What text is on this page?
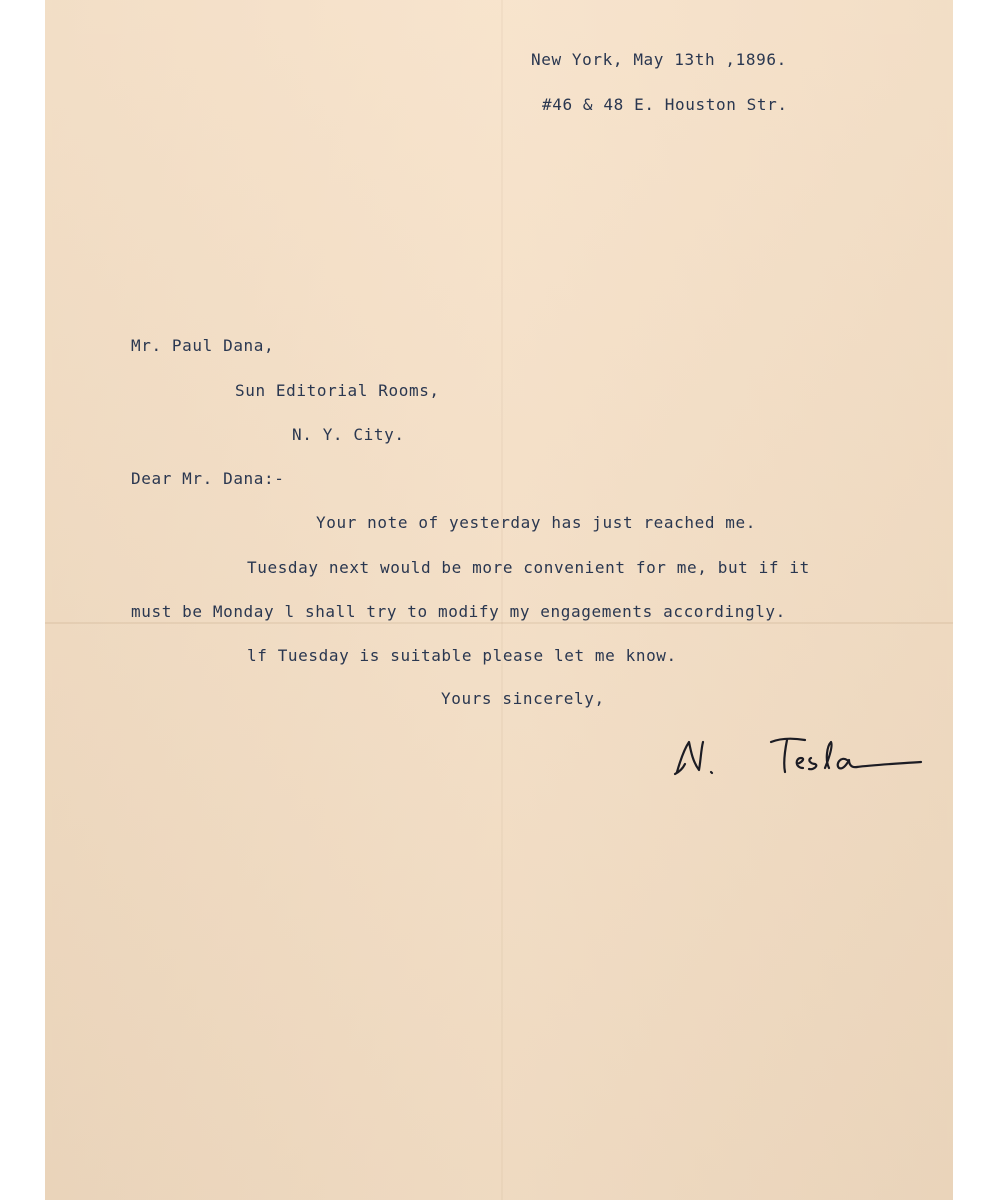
New York, May 13th ,1896.
#46 & 48 E. Houston Str.
Mr. Paul Dana,
Sun Editorial Rooms,
N. Y. City.
Dear Mr. Dana:-
Your note of yesterday has just reached me.
Tuesday next would be more convenient for me, but if it
must be Monday l shall try to modify my engagements accordingly.
lf Tuesday is suitable please let me know.
Yours sincerely,
